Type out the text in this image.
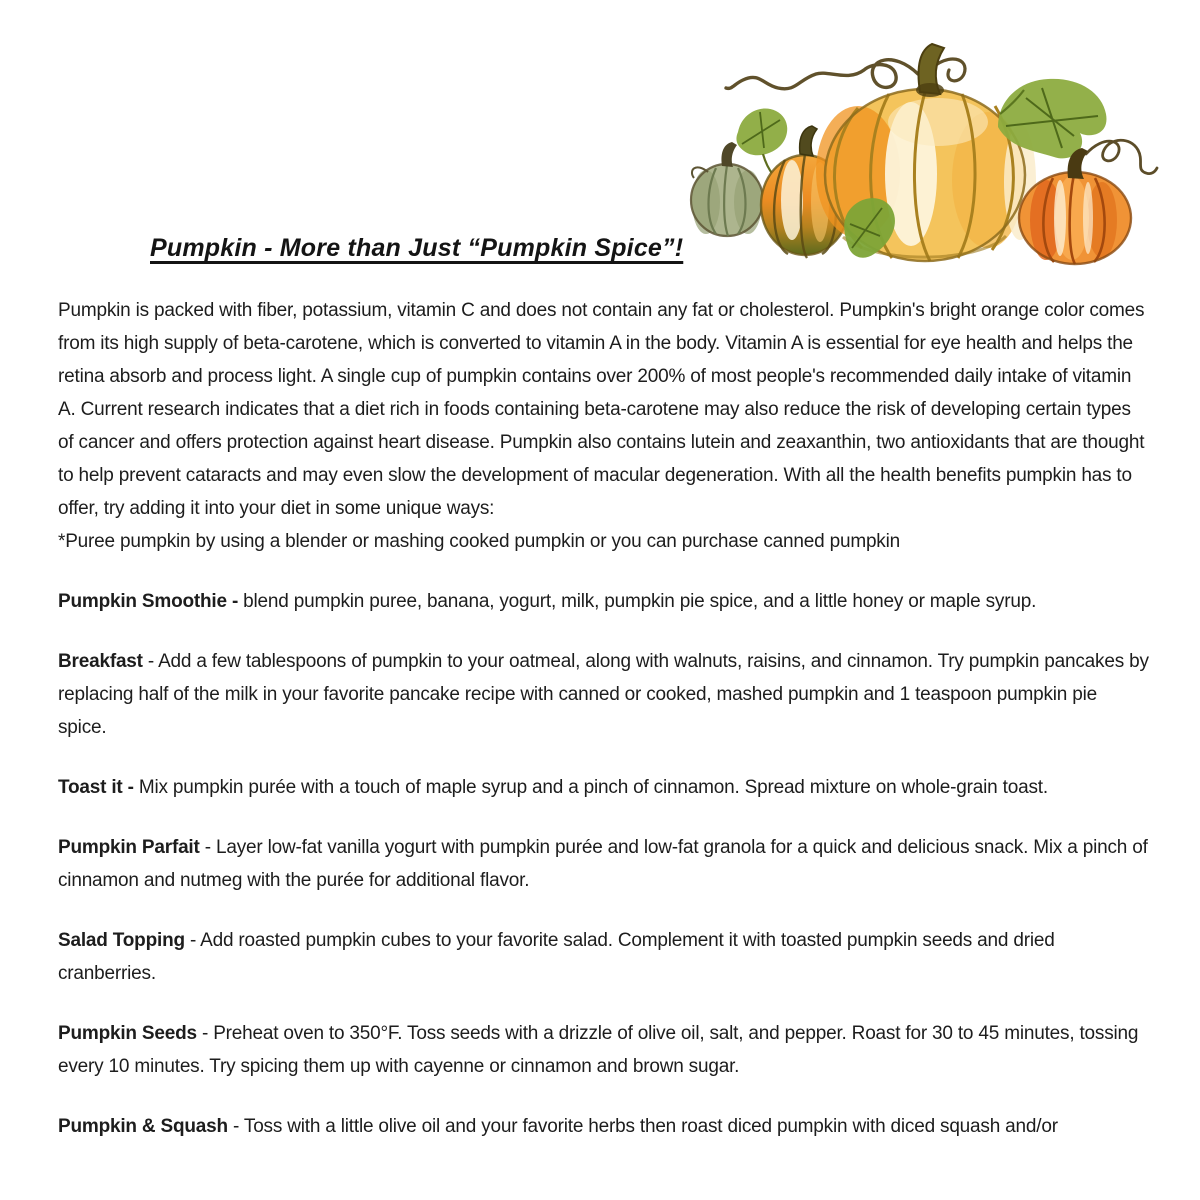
Pumpkin - More than Just “Pumpkin Spice”!

Pumpkin is packed with fiber, potassium, vitamin C and does not contain any fat or cholesterol. Pumpkin's bright orange color comes from its high supply of beta-carotene, which is converted to vitamin A in the body. Vitamin A is essential for eye health and helps the retina absorb and process light. A single cup of pumpkin contains over 200% of most people's recommended daily intake of vitamin A. Current research indicates that a diet rich in foods containing beta-carotene may also reduce the risk of developing certain types of cancer and offers protection against heart disease. Pumpkin also contains lutein and zeaxanthin, two antioxidants that are thought to help prevent cataracts and may even slow the development of macular degeneration. With all the health benefits pumpkin has to offer, try adding it into your diet in some unique ways:

*Puree pumpkin by using a blender or mashing cooked pumpkin or you can purchase canned pumpkin

Pumpkin Smoothie - blend pumpkin puree, banana, yogurt, milk, pumpkin pie spice, and a little honey or maple syrup.

Breakfast - Add a few tablespoons of pumpkin to your oatmeal, along with walnuts, raisins, and cinnamon. Try pumpkin pancakes by replacing half of the milk in your favorite pancake recipe with canned or cooked, mashed pumpkin and 1 teaspoon pumpkin pie spice.

Toast it - Mix pumpkin purée with a touch of maple syrup and a pinch of cinnamon. Spread mixture on whole-grain toast.

Pumpkin Parfait - Layer low-fat vanilla yogurt with pumpkin purée and low-fat granola for a quick and delicious snack. Mix a pinch of cinnamon and nutmeg with the purée for additional flavor.

Salad Topping - Add roasted pumpkin cubes to your favorite salad. Complement it with toasted pumpkin seeds and dried cranberries.

Pumpkin Seeds - Preheat oven to 350°F. Toss seeds with a drizzle of olive oil, salt, and pepper. Roast for 30 to 45 minutes, tossing every 10 minutes. Try spicing them up with cayenne or cinnamon and brown sugar.

Pumpkin & Squash - Toss with a little olive oil and your favorite herbs then roast diced pumpkin with diced squash and/or
